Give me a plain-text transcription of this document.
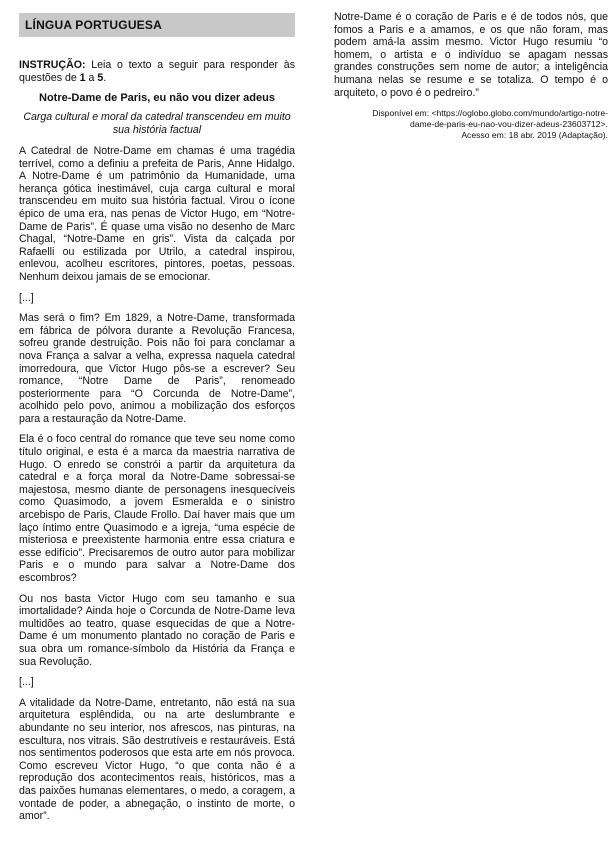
LÍNGUA PORTUGUESA
INSTRUÇÃO: Leia o texto a seguir para responder às questões de 1 a 5.
Notre-Dame de Paris, eu não vou dizer adeus
Carga cultural e moral da catedral transcendeu em muito sua história factual

A Catedral de Notre-Dame em chamas é uma tragédia terrível, como a definiu a prefeita de Paris, Anne Hidalgo. A Notre-Dame é um patrimônio da Humanidade, uma herança gótica inestimável, cuja carga cultural e moral transcendeu em muito sua história factual. Virou o ícone épico de uma era, nas penas de Victor Hugo, em “Notre-Dame de Paris”. É quase uma visão no desenho de Marc Chagal, “Notre-Dame en gris”. Vista da calçada por Rafaelli ou estilizada por Utrilo, a catedral inspirou, enlevou, acolheu escritores, pintores, poetas, pessoas. Nenhum deixou jamais de se emocionar.

[...]

Mas será o fim? Em 1829, a Notre-Dame, transformada em fábrica de pólvora durante a Revolução Francesa, sofreu grande destruição. Pois não foi para conclamar a nova França a salvar a velha, expressa naquela catedral imorredoura, que Victor Hugo pôs-se a escrever? Seu romance, “Notre Dame de Paris”, renomeado posteriormente para “O Corcunda de Notre-Dame”, acolhido pelo povo, animou a mobilização dos esforços para a restauração da Notre-Dame.

Ela é o foco central do romance que teve seu nome como título original, e esta é a marca da maestria narrativa de Hugo. O enredo se constrói a partir da arquitetura da catedral e a força moral da Notre-Dame sobressai-se majestosa, mesmo diante de personagens inesquecíveis como Quasimodo, a jovem Esmeralda e o sinistro arcebispo de Paris, Claude Frollo. Daí haver mais que um laço íntimo entre Quasimodo e a igreja, “uma espécie de misteriosa e preexistente harmonia entre essa criatura e esse edifício”. Precisaremos de outro autor para mobilizar Paris e o mundo para salvar a Notre-Dame dos escombros?

Ou nos basta Victor Hugo com seu tamanho e sua imortalidade? Ainda hoje o Corcunda de Notre-Dame leva multidões ao teatro, quase esquecidas de que a Notre-Dame é um monumento plantado no coração de Paris e sua obra um romance-símbolo da História da França e sua Revolução.

[...]

A vitalidade da Notre-Dame, entretanto, não está na sua arquitetura esplêndida, ou na arte deslumbrante e abundante no seu interior, nos afrescos, nas pinturas, na escultura, nos vitrais. São destrutíveis e restauráveis. Está nos sentimentos poderosos que esta arte em nós provoca. Como escreveu Victor Hugo, “o que conta não é a reprodução dos acontecimentos reais, históricos, mas a das paixões humanas elementares, o medo, a coragem, a vontade de poder, a abnegação, o instinto de morte, o amor”.

Notre-Dame é o coração de Paris e é de todos nós, que fomos a Paris e a amamos, e os que não foram, mas podem amá-la assim mesmo. Victor Hugo resumiu “o homem, o artista e o indivíduo se apagam nessas grandes construções sem nome de autor; a inteligência humana nelas se resume e se totaliza. O tempo é o arquiteto, o povo é o pedreiro.”

Disponível em: <https://oglobo.globo.com/mundo/artigo-notre-
dame-de-paris-eu-nao-vou-dizer-adeus-23603712>.
Acesso em: 18 abr. 2019 (Adaptação).
